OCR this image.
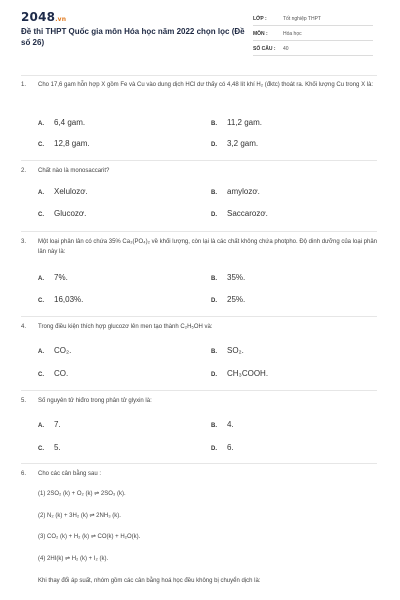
2048.vn
Đề thi THPT Quốc gia môn Hóa học năm 2022 chọn lọc (Đề số 26)
LỚP :	Tốt nghiệp THPT
MÔN :	Hóa học
SỐ CÂU : 40
1. Cho 17,6 gam hỗn hợp X gồm Fe và Cu vào dung dịch HCl dư thấy có 4,48 lít khí H₂ (đktc) thoát ra. Khối lượng Cu trong X là:
A. 6,4 gam.	B. 11,2 gam.
C. 12,8 gam.	D. 3,2 gam.
2. Chất nào là monosaccarit?
A. Xelulozơ.	B. amylozơ.
C. Glucozơ.	D. Saccarozơ.
3. Một loại phân lân có chứa 35% Ca₃(PO₄)₂ về khối lượng, còn lại là các chất không chứa photpho. Độ dinh dưỡng của loại phân lân này là:
A. 7%.	B. 35%.
C. 16,03%.	D. 25%.
4. Trong điều kiện thích hợp glucozơ lên men tạo thành C₂H₅OH và:
A. CO₂.	B. SO₂.
C. CO.	D. CH₃COOH.
5. Số nguyên tử hiđro trong phân tử glyxin là:
A. 7.	B. 4.
C. 5.	D. 6.
6. Cho các cân bằng sau :
(1) 2SO₂ (k) + O₂ (k) ⇌ 2SO₃ (k).
(2) N₂ (k) + 3H₂ (k) ⇌ 2NH₃ (k).
(3) CO₂ (k) + H₂ (k) ⇌ CO(k) + H₂O(k).
(4) 2HI(k) ⇌ H₂ (k) + I₂ (k).
Khi thay đổi áp suất, nhóm gồm các cân bằng hoá học đều không bị chuyển dịch là:
